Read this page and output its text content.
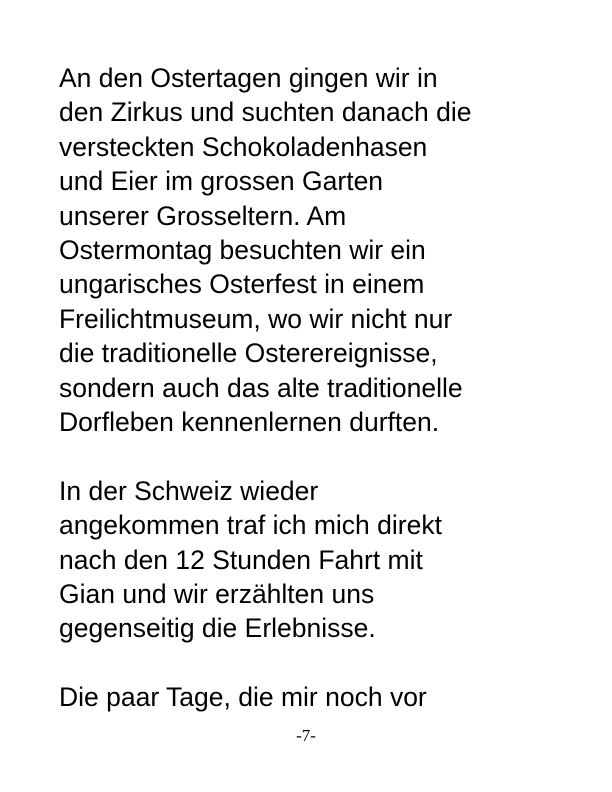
An den Ostertagen gingen wir in
den Zirkus und suchten danach die
versteckten Schokoladenhasen
und Eier im grossen Garten
unserer Grosseltern. Am
Ostermontag besuchten wir ein
ungarisches Osterfest in einem
Freilichtmuseum, wo wir nicht nur
die traditionelle Osterereignisse,
sondern auch das alte traditionelle
Dorfleben kennenlernen durften.

In der Schweiz wieder
angekommen traf ich mich direkt
nach den 12 Stunden Fahrt mit
Gian und wir erzählten uns
gegenseitig die Erlebnisse.

Die paar Tage, die mir noch vor

-7-
